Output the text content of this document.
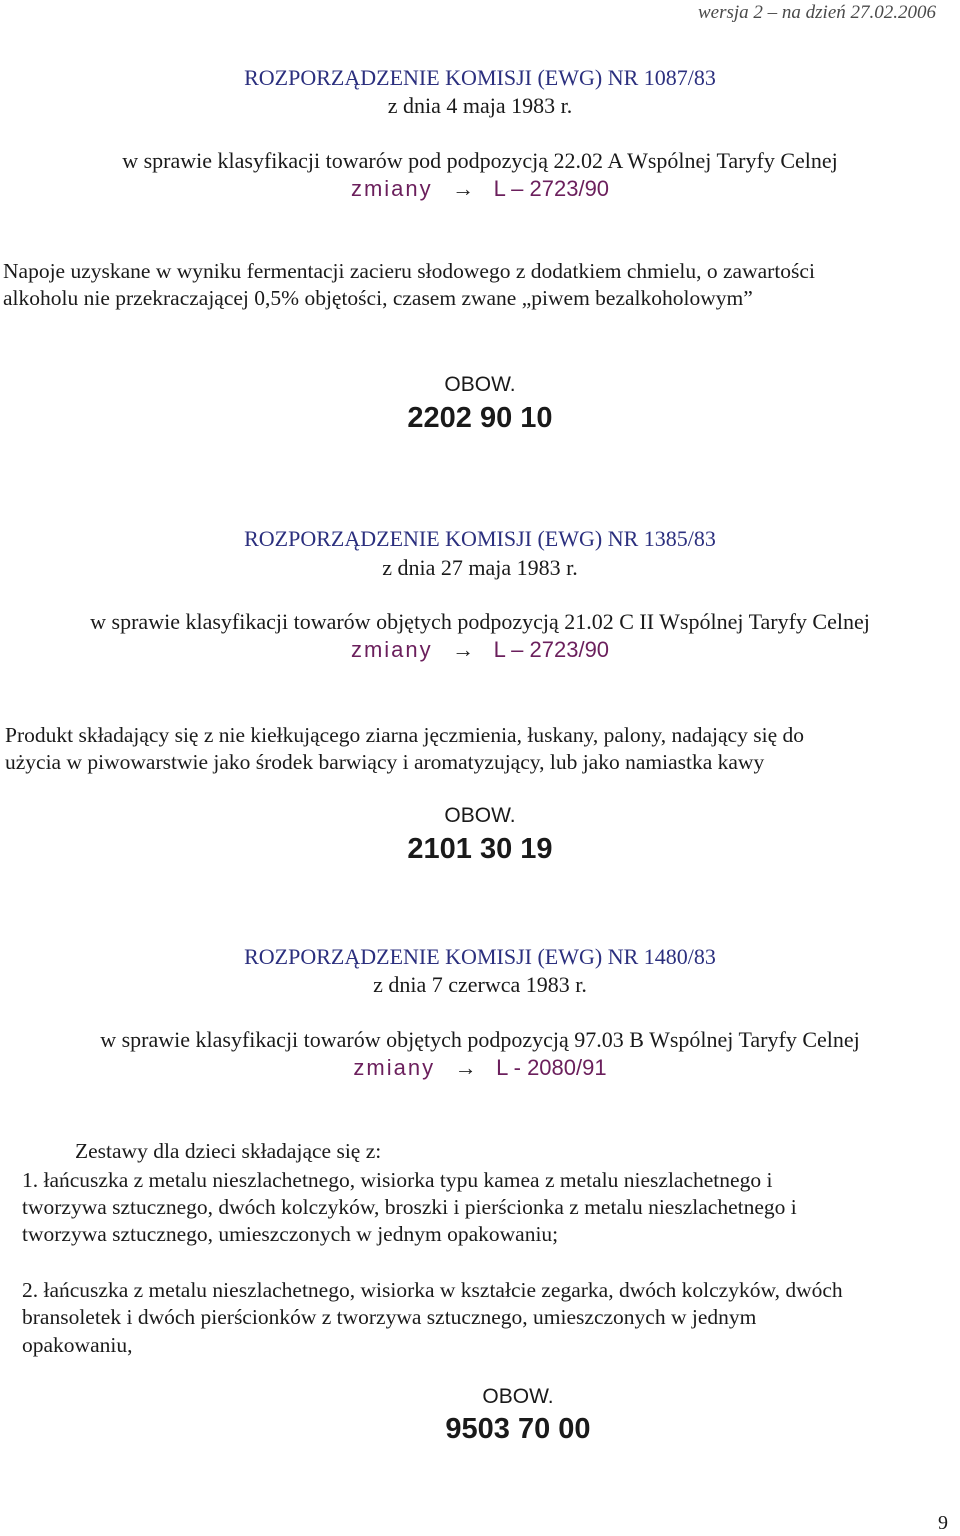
wersja 2 – na dzień 27.02.2006
ROZPORZĄDZENIE KOMISJI (EWG) NR 1087/83
z dnia 4 maja 1983 r.
w sprawie klasyfikacji towarów pod podpozycją 22.02 A Wspólnej Taryfy Celnej
zmiany → L – 2723/90
Napoje uzyskane w wyniku fermentacji zacieru słodowego z dodatkiem chmielu, o zawartości
alkoholu nie przekraczającej 0,5% objętości, czasem zwane „piwem bezalkoholowym”
OBOW.
2202 90 10
ROZPORZĄDZENIE KOMISJI (EWG) NR 1385/83
z dnia 27 maja 1983 r.
w sprawie klasyfikacji towarów objętych podpozycją 21.02 C II Wspólnej Taryfy Celnej
zmiany → L – 2723/90
Produkt składający się z nie kiełkującego ziarna jęczmienia, łuskany, palony, nadający się do
użycia w piwowarstwie jako środek barwiący i aromatyzujący, lub jako namiastka kawy
OBOW.
2101 30 19
ROZPORZĄDZENIE KOMISJI (EWG) NR 1480/83
z dnia 7 czerwca 1983 r.
w sprawie klasyfikacji towarów objętych podpozycją 97.03 B Wspólnej Taryfy Celnej
zmiany → L - 2080/91
Zestawy dla dzieci składające się z:
1. łańcuszka z metalu nieszlachetnego, wisiorka typu kamea z metalu nieszlachetnego i
tworzywa sztucznego, dwóch kolczyków, broszki i pierścionka z metalu nieszlachetnego i
tworzywa sztucznego, umieszczonych w jednym opakowaniu;
2. łańcuszka z metalu nieszlachetnego, wisiorka w kształcie zegarka, dwóch kolczyków, dwóch
bransoletek i dwóch pierścionków z tworzywa sztucznego, umieszczonych w jednym
opakowaniu,
OBOW.
9503 70 00
9
